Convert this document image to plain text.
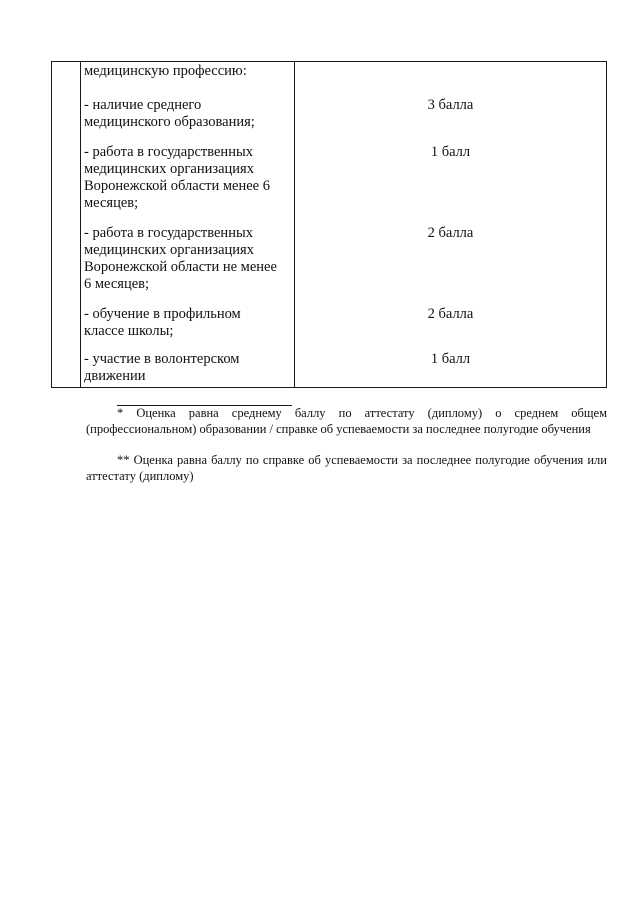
медицинскую профессию:
- наличие среднего
медицинского образования;
3 балла
- работа в государственных
медицинских организациях
Воронежской области менее 6
месяцев;
1 балл
- работа в государственных
медицинских организациях
Воронежской области не менее
6 месяцев;
2 балла
- обучение в профильном
классе школы;
2 балла
- участие в волонтерском
движении
1 балл
* Оценка равна среднему баллу по аттестату (диплому) о среднем общем (профессиональном) образовании / справке об успеваемости за последнее полугодие обучения
** Оценка равна баллу по справке об успеваемости за последнее полугодие обучения или аттестату (диплому)
